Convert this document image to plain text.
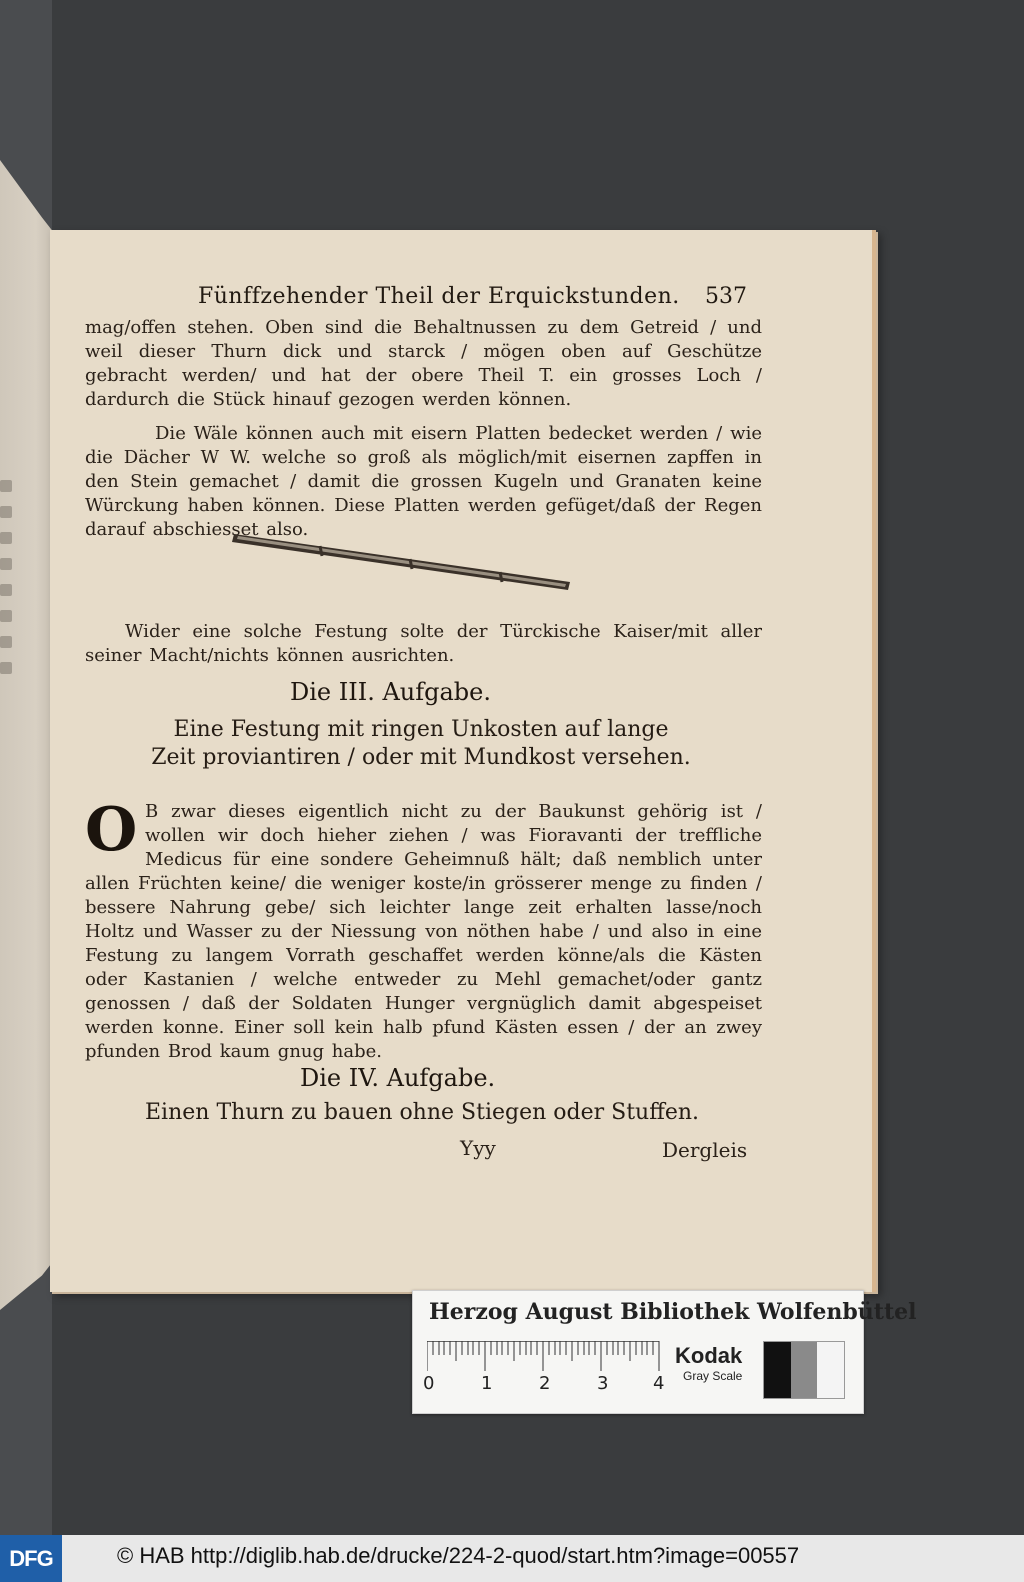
Fünffzehender Theil der Erquickstunden. 537
mag/offen stehen. Oben sind die Behaltnussen zu dem Getreid / und weil dieser Thurn dick und starck / mögen oben auf Geschütze gebracht werden/ und hat der obere Theil T. ein grosses Loch / dardurch die Stück hinauf gezogen werden können.
Die Wäle können auch mit eisern Platten bedecket werden / wie die Dächer W W. welche so groß als möglich/mit eisernen zapffen in den Stein gemachet / damit die grossen Kugeln und Granaten keine Würckung haben können. Diese Platten werden gefüget/daß der Regen darauf abschiesset also.
Wider eine solche Festung solte der Türckische Kaiser/mit aller seiner Macht/nichts können ausrichten.
Die III. Aufgabe.
Eine Festung mit ringen Unkosten auf lange Zeit proviantiren / oder mit Mundkost versehen.
O B zwar dieses eigentlich nicht zu der Baukunst gehörig ist / wollen wir doch hieher ziehen / was Fioravanti der treffliche Medicus für eine sondere Geheimnuß hält; daß nemblich unter allen Früchten keine/ die weniger koste/in grösserer menge zu finden / bessere Nahrung gebe/ sich leichter lange zeit erhalten lasse/noch Holtz und Wasser zu der Niessung von nöthen habe / und also in eine Festung zu langem Vorrath geschaffet werden könne/als die Kästen oder Kastanien / welche entweder zu Mehl gemachet/oder gantz genossen / daß der Soldaten Hunger vergnüglich damit abgespeiset werden konne. Einer soll kein halb pfund Kästen essen / der an zwey pfunden Brod kaum gnug habe.
Die IV. Aufgabe.
Einen Thurn zu bauen ohne Stiegen oder Stuffen.
Yyy	Dergleis
Herzog August Bibliothek Wolfenbüttel
0	1	2	3 4
Kodak
Gray Scale
DFG	© HAB http://diglib.hab.de/drucke/224-2-quod/start.htm?image=00557
